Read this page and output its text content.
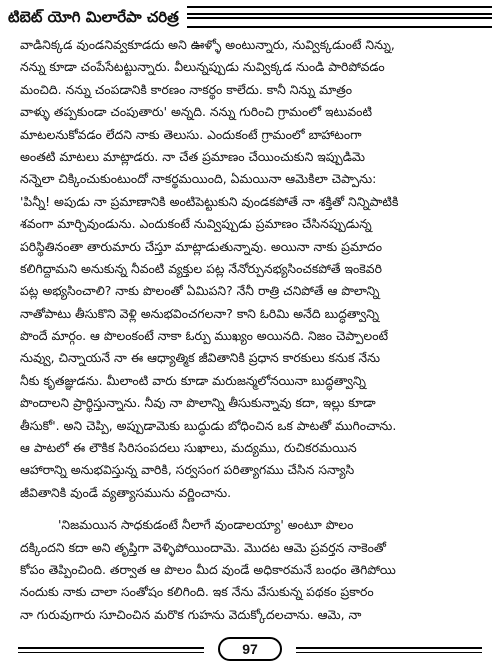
టిబెట్ యోగి మిలారేపా చరిత్ర
వాడినిక్కడ వుండనివ్వకూడదు అని ఊళ్ళో అంటున్నారు, నువ్విక్కడుంటే నిన్ను,
నన్ను కూడా చంపేసేటట్టున్నారు. వీలున్నప్పుడు నువ్విక్కడ నుండి పారిపోవడం
మంచిది. నన్ను చంపడానికి కారణం నాకర్థం కాలేదు. కానీ నిన్ను మాత్రం
వాళ్ళు తప్పకుండా చంపుతారు' అన్నది. నన్ను గురించి గ్రామంలో ఇటువంటి
మాటలనుకోవడం లేదని నాకు తెలుసు. ఎందుకంటే గ్రామంలో బాహాటంగా
అంతటి మాటలు మాట్లాడరు. నా చేత ప్రమాణం చేయించుకుని ఇప్పుడిమె
నన్నెలా చిక్కించుకుంటుందో నాకర్థమయింది, ఏమయినా ఆమెకిలా చెప్పాను:
'పిన్నీ! అపుడు నా ప్రమాణానికి అంటిపెట్టుకుని వుండకపోతే నా శక్తితో నిన్నిపాటికి
శవంగా మార్చివుండును. ఎందుకంటే నువ్విప్పుడు ప్రమాణం చేసినప్పుడున్న
పరిస్థితినంతా తారుమారు చేస్తూ మాట్లాడుతున్నావు. అయినా నాకు ప్రమాదం
కలిగిద్దామని అనుకున్న నీవంటి వ్యక్తుల పట్ల నేనోర్పునభ్యసించకపోతే ఇంకెవరి
పట్ల అభ్యసించాలి? నాకు పొలంతో ఏమిపని? నేనీ రాత్రి చనిపోతే ఆ పొలాన్ని
నాతోపాటు తీసుకొని వెళ్లి అనుభవించగలనా? కాని ఓరిమి అనేది బుద్ధత్వాన్ని
పొందే మార్గం. ఆ పొలంకంటే నాకా ఓర్పు ముఖ్యం అయినది. నిజం చెప్పాలంటే
నువ్వు, చిన్నాయనే నా ఈ ఆధ్యాత్మిక జీవితానికి ప్రధాన కారకులు కనుక నేను
నీకు కృతజ్ఞుడను. మీలాంటి వారు కూడా మరుజన్మలోనయినా బుద్ధత్వాన్ని
పొందాలని ప్రార్థిస్తున్నాను. నీవు నా పొలాన్ని తీసుకున్నావు కదా, ఇల్లు కూడా
తీసుకో'. అని చెప్పి, అప్పుడామెకు బుద్ధుడు బోధించిన ఒక పాటతో ముగించాను.
ఆ పాటలో ఈ లౌకిక సిరిసంపదలు సుఖాలు, మద్యము, రుచికరమయిన
ఆహారాన్ని అనుభవిస్తున్న వారికి, సర్వసంగ పరిత్యాగము చేసిన సన్యాసి
జీవితానికి వుండే వ్యత్యాసమును వర్ణించాను.
'నిజమయిన సాధకుడంటే నీలాగే వుండాలయ్యా' అంటూ పొలం
దక్కిందని కదా అని తృప్తిగా వెళ్ళిపోయిందామె. మొదట ఆమె ప్రవర్తన నాకెంతో
కోపం తెప్పించింది. తర్వాత ఆ పొలం మీద వుండే అధికారమనే బంధం తెగిపోయి
నందుకు నాకు చాలా సంతోషం కలిగింది. ఇక నేను వేసుకున్న పథకం ప్రకారం
నా గురువుగారు సూచించిన మరొక గుహను వెదుక్కోదలచాను. ఆమె, నా
97
